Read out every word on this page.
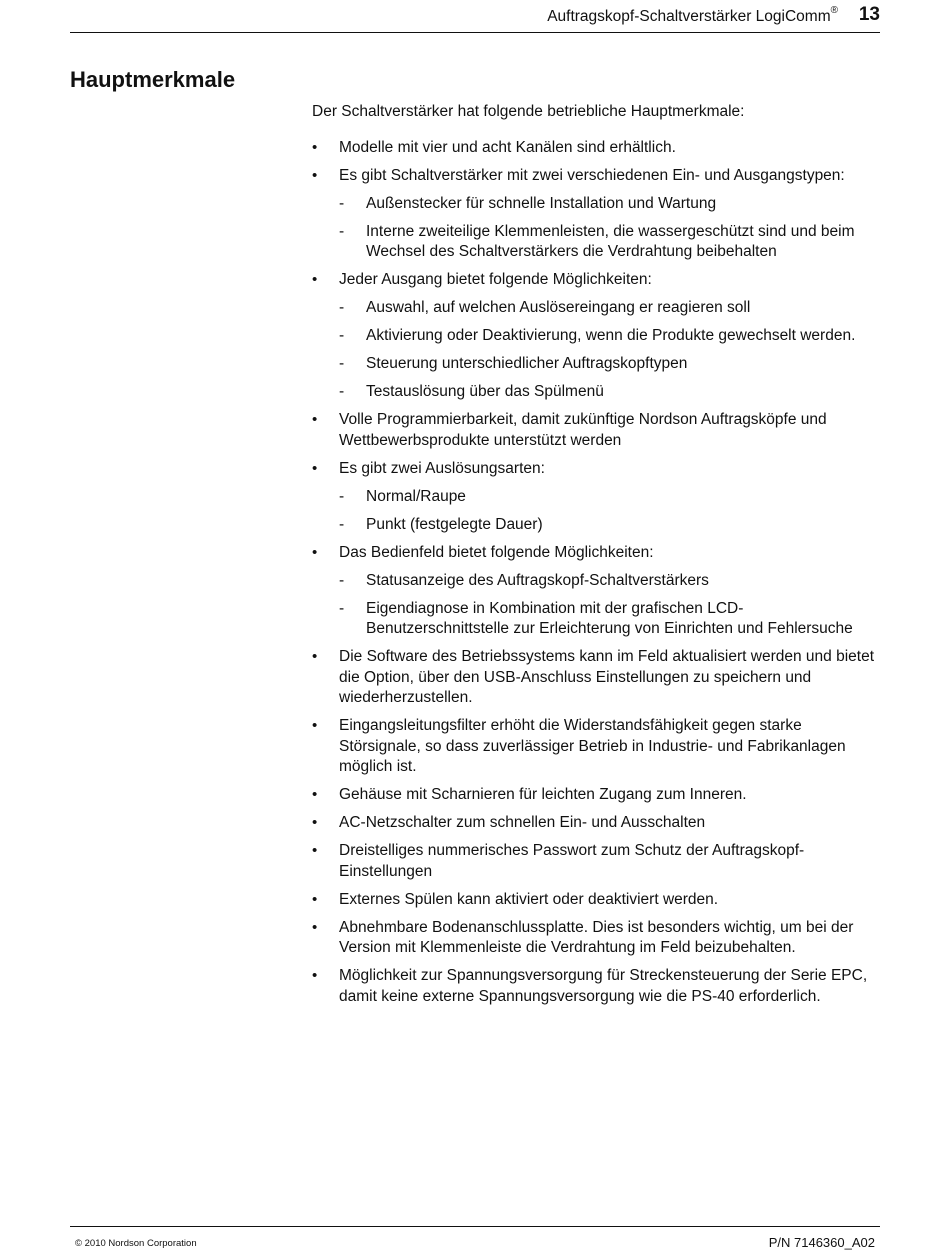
Auftragskopf-Schaltverstärker LogiComm® 13
Hauptmerkmale

Der Schaltverstärker hat folgende betriebliche Hauptmerkmale:

• Modelle mit vier und acht Kanälen sind erhältlich.
• Es gibt Schaltverstärker mit zwei verschiedenen Ein- und Ausgangstypen:
- Außenstecker für schnelle Installation und Wartung
- Interne zweiteilige Klemmenleisten, die wassergeschützt sind und beim Wechsel des Schaltverstärkers die Verdrahtung beibehalten
• Jeder Ausgang bietet folgende Möglichkeiten:
- Auswahl, auf welchen Auslösereingang er reagieren soll
- Aktivierung oder Deaktivierung, wenn die Produkte gewechselt werden.
- Steuerung unterschiedlicher Auftragskopftypen
- Testauslösung über das Spülmenü
• Volle Programmierbarkeit, damit zukünftige Nordson Auftragsköpfe und Wettbewerbsprodukte unterstützt werden
• Es gibt zwei Auslösungsarten:
- Normal/Raupe
- Punkt (festgelegte Dauer)
• Das Bedienfeld bietet folgende Möglichkeiten:
- Statusanzeige des Auftragskopf-Schaltverstärkers
- Eigendiagnose in Kombination mit der grafischen LCD-Benutzerschnittstelle zur Erleichterung von Einrichten und Fehlersuche
• Die Software des Betriebssystems kann im Feld aktualisiert werden und bietet die Option, über den USB-Anschluss Einstellungen zu speichern und wiederherzustellen.
• Eingangsleitungsfilter erhöht die Widerstandsfähigkeit gegen starke Störsignale, so dass zuverlässiger Betrieb in Industrie- und Fabrikanlagen möglich ist.
• Gehäuse mit Scharnieren für leichten Zugang zum Inneren.
• AC-Netzschalter zum schnellen Ein- und Ausschalten
• Dreistelliges nummerisches Passwort zum Schutz der Auftragskopf-Einstellungen
• Externes Spülen kann aktiviert oder deaktiviert werden.
• Abnehmbare Bodenanschlussplatte. Dies ist besonders wichtig, um bei der Version mit Klemmenleiste die Verdrahtung im Feld beizubehalten.
• Möglichkeit zur Spannungsversorgung für Streckensteuerung der Serie EPC, damit keine externe Spannungsversorgung wie die PS-40 erforderlich.
© 2010 Nordson Corporation	P/N 7146360_A02
